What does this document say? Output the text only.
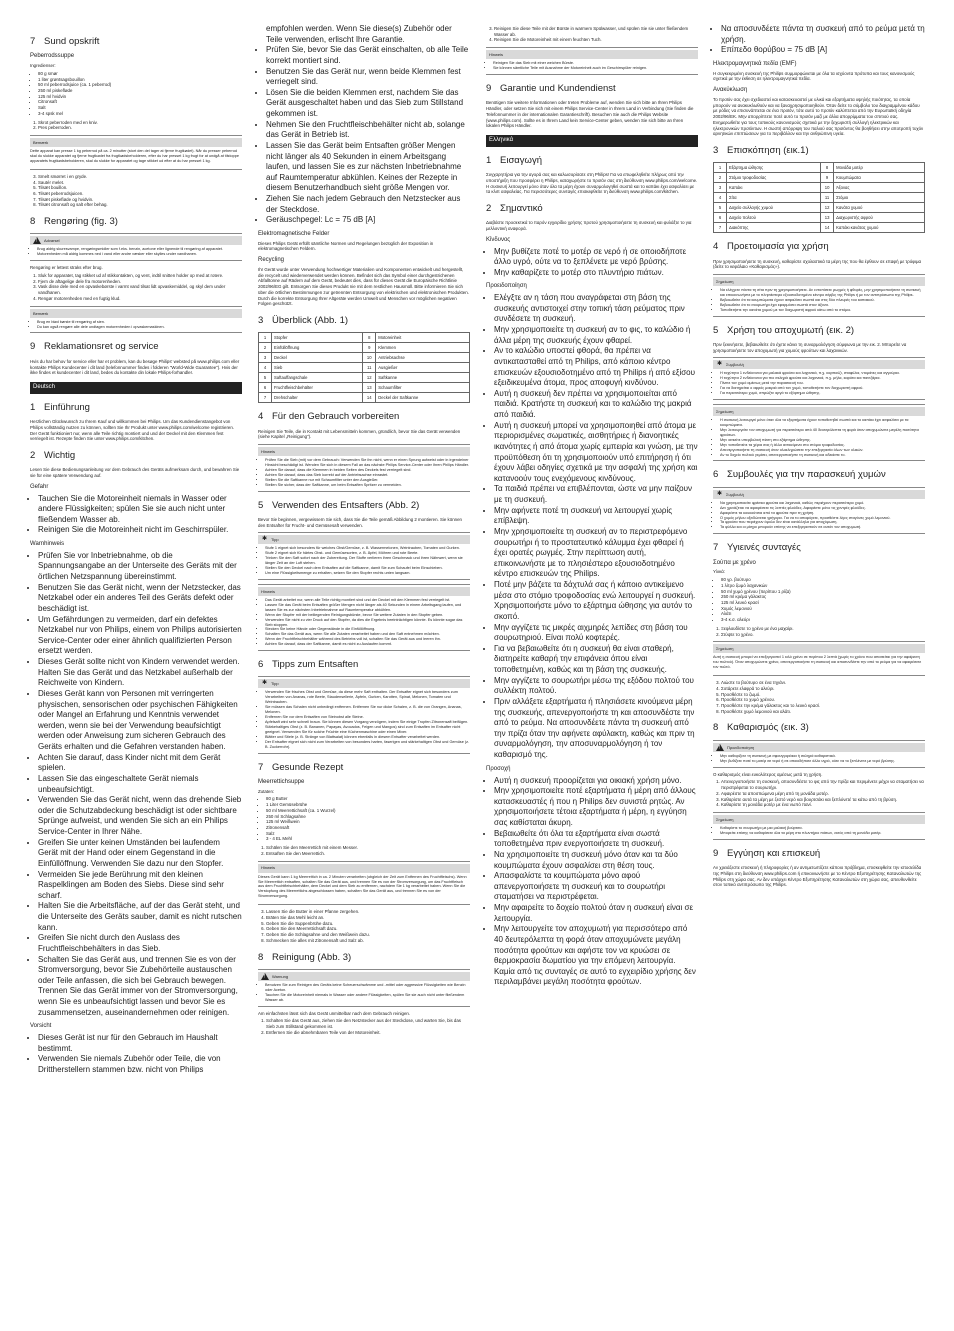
7 Sund opskrift
Peberrodssuppe

Ingredienser:

• 80 g smør
• 1 liter grøntsagsbouillon
• 50 ml peberrodsjuice (ca. 1 peberrod)
• 250 ml piskefløde
• 125 ml hvidvin
• Citronsaft
• Salt
• 3-4 spsk mel
1. Skrot peberroden med en kniv.
2. Pres peberroden.
Bemærk

Dette apparat kan presse 1 kg peberrod på ca. 2 minutter (stort den del tager at fjerne frugtkødet). Når du presser peberrod skal du slukke apparatet og fjerne frugtkødet fra frugtkødsbeholderen, efter du har presset 1 kg frugt for at undgå at tilstoppe apparatets frugtkødsbeholderen, skal du slukke for apparatet og tage stikket ud efter at du har presset 1 kg.

3. Smelt smørret i en gryde.
4. Sautér melet.
5. Tilsæt bouillon.
6. Tilsæt peberrodsjuicen.
7. Tilsæt piskefløde og hvidvin.
8. Tilsæt citronsaft og salt efter behag.
8 Rengøring (fig. 3)
!
Advarsel
• Brug aldrig skuresvampe, rengøringsmidler som f.eks. benzin, acetone eller lignende til rengøring af apparatet.
• Motorenheden må aldrig kommes ned i vand eller andre væsker eller skylles under vandhanen.

Rengøring er lettest straks efter brug.

1. Sluk for apparatet, tag stikket ud af stikkontakten, og vent, indtil snitten holder op med at rotere.
2. Fjern de aftagelige dele fra motorenheden.
3. Vask disse dele med en opvaskebørste i varmt vand tilsat lidt opvaskemiddel, og skyl dem under vandhanen.
4. Rengør motorenheden med en fugtig klud.
Bemærk
• Brug en blød børste til rengøring af sien.
• Du kan også rengøre alle dele undtagen motorenheden i opvaskemaskinen.
9 Reklamationsret og service

Hvis du har behov for service eller har et problem, kan du besøge Philips' websted på www.philips.com eller kontakte Philips Kundecenter i dit land (telefonnummer findes i folderen "World-Wide Guarantee"). Hvis der ikke findes et kundecenter i dit land, bedes du kontakte din lokale Philips-forhandler.

Deutsch
1 Einführung

Herzlichen Glückwunsch zu Ihrem Kauf und willkommen bei Philips. Um das Kundendienstangebot von Philips vollständig nutzen zu können, sollten Sie Ihr Produkt unter www.philips.com/welcome registrieren. Der Gerät funktioniert nur, wenn alle Teile richtig montiert und und der Deckel mit den Klemmen fest verriegelt ist. Rezepte finden Sie unter www.philips.com/kitchen.

2 Wichtig

Lesen Sie diese Bedienungsanleitung vor dem Gebrauch des Geräts aufmerksam durch, und bewahren Sie sie für eine spätere Verwendung auf.

Gefahr
• Tauchen Sie die Motoreinheit niemals in Wasser oder andere Flüssigkeiten; spülen Sie sie auch nicht unter fließendem Wasser ab.
• Reinigen Sie die Motoreinheit nicht im Geschirrspüler.
Warnhinweis
• Prüfen Sie vor Inbetriebnahme, ob die Spannungsangabe an der Unterseite des Geräts mit der örtlichen Netzspannung übereinstimmt.
• Benutzen Sie das Gerät nicht, wenn der Netzstecker, das Netzkabel oder ein anderes Teil des Geräts defekt oder beschädigt ist.
• Um Gefährdungen zu vermeiden, darf ein defektes Netzkabel nur von Philips, einem von Philips autorisierten Service-Center oder einer ähnlich qualifizierten Person ersetzt werden.
• Dieses Gerät sollte nicht von Kindern verwendet werden. Halten Sie das Gerät und das Netzkabel außerhalb der Reichweite von Kindern.
• Dieses Gerät kann von Personen mit verringerten physischen, sensorischen oder psychischen Fähigkeiten oder Mangel an Erfahrung und Kenntnis verwendet werden, wenn sie bei der Verwendung beaufsichtigt werden oder Anweisung zum sicheren Gebrauch des Geräts erhalten und die Gefahren verstanden haben.
• Achten Sie darauf, dass Kinder nicht mit dem Gerät spielen.
• Lassen Sie das eingeschaltete Gerät niemals unbeaufsichtigt.
• Verwenden Sie das Gerät nicht, wenn das drehende Sieb oder die Schutzabdeckung beschädigt ist oder sichtbare Sprünge aufweist, und wenden Sie sich an ein Philips Service-Center in Ihrer Nähe.
• Greifen Sie unter keinen Umständen bei laufendem Gerät mit der Hand oder einem Gegenstand in die Einfüllöffnung. Verwenden Sie dazu nur den Stopfer.
• Vermeiden Sie jede Berührung mit den kleinen Raspelklingen am Boden des Siebs. Diese sind sehr scharf.
• Halten Sie die Arbeitsfläche, auf der das Gerät steht, und die Unterseite des Geräts sauber, damit es nicht rutschen kann.
• Greifen Sie nicht durch den Auslass des Fruchtfleischbehälters in das Sieb.
• Schalten Sie das Gerät aus, und trennen Sie es von der Stromversorgung, bevor Sie Zubehörteile austauschen oder Teile anfassen, die sich bei Gebrauch bewegen. Trennen Sie das Gerät immer von der Stromversorgung, wenn Sie es unbeaufsichtigt lassen und bevor Sie es zusammensetzen, auseinandernehmen oder reinigen.
Vorsicht
• Dieses Gerät ist nur für den Gebrauch im Haushalt bestimmt.
• Verwenden Sie niemals Zubehör oder Teile, die von Drittherstellern stammen bzw. nicht von Philips
empfohlen werden. Wenn Sie diese(s) Zubehör oder Teile verwenden, erlischt Ihre Garantie.
• Prüfen Sie, bevor Sie das Gerät einschalten, ob alle Teile korrekt montiert sind.
• Benutzen Sie das Gerät nur, wenn beide Klemmen fest verriegelt sind.
• Lösen Sie die beiden Klemmen erst, nachdem Sie das Gerät ausgeschaltet haben und das Sieb zum Stillstand gekommen ist.
• Nehmen Sie den Fruchtfleischbehälter nicht ab, solange das Gerät in Betrieb ist.
• Lassen Sie das Gerät beim Entsaften größer Mengen nicht länger als 40 Sekunden in einem Arbeitsgang laufen, und lassen Sie es zur nächsten Inbetriebnahme auf Raumtemperatur abkühlen. Keines der Rezepte in diesem Benutzerhandbuch sieht größe Mengen vor.
• Ziehen Sie nach jedem Gebrauch den Netzstecker aus der Steckdose.
• Geräuschpegel: Lc = 75 dB [A]
Elektromagnetische Felder

Dieses Philips Gerät erfüllt sämtliche Normen und Regelungen bezüglich der Exposition in elektromagnetischen Feldern.

Recycling

Ihr Gerät wurde unter Verwendung hochwertiger Materialien und Komponenten entwickelt und hergestellt, die recycelt und wiederverwendet werden können. Befindet sich das Symbol einer durchgestrichenen Abfalltonne auf Rädern auf dem Gerät, bedeutet dies, dass für dieses Gerät die Europäische Richtlinie 2002/96/EG gilt. Entsorgen Sie dieses Produkt nie mit dem restlichen Hausmüll. Bitte informieren Sie sich über die örtlichen Bestimmungen zur getrennten Entsorgung von elektrischen und elektronischen Produkten. Durch die korrekte Entsorgung Ihrer Altgeräte werden Umwelt und Menschen vor möglichen negativen Folgen geschützt.

3 Überblick (Abb. 1)
1	Stopfer	8	Motoreinheit
2	Einfüllöffnung	9	Klemmen
3	Deckel	10	Antriebsachse
4	Sieb	11	Ausgießer
5	Saftauffangschale	12	Saftkanne
6	Fruchtfleischbehälter	13	Schaumfilter
7	Drehschalter	14	Deckel der Saftkanne
4 Für den Gebrauch vorbereiten

Reinigen Sie Teile, die in Kontakt mit Lebensmitteln kommen, gründlich, bevor Sie das Gerät verwenden (siehe Kapitel „Reinigung").

Hinweis
• Prüfen Sie die Sieb (mit) vor dem Gebrauch: Verwenden Sie ihn nicht, wenn er einen Sprung aufweist oder in irgendeiner Hinsicht beschädigt ist. Wenden Sie sich in diesem Fall an das nächste Philips Service-Center oder Ihren Philips Händler.
• Achten Sie darauf, dass die Klemmen in beiden Seiten des Deckels fest verriegelt sind.
• Achten Sie darauf, dass das Sieb korrekt auf der Antriebsachse einrastet.
• Stellen Sie die Saftkanne nur mit Schaumfilter unter den Ausgießer.
• Stellen Sie sicher, dass der Saftkanne, um beim Entsaften Spritzer zu vermeiden.
5 Verwenden des Entsafters (Abb. 2)

Bevor Sie beginnen, vergewissern Sie sich, dass Sie die Teile gemäß Abbildung 2 montieren. Sie können den Entsafter für Frucht- und Gemüsesaft verwenden.

✱ Tipp
• Stufe 1 eignet sich besonders für weiches Obst/Gemüse, z. B. Wassermelonen, Weintrauben, Tomaten und Gurken.
• Stufe 2 eignet sich für härtes Obst- und Gemüsesorten, z. B. Äpfel, Möhren und rote Beete.
• Trinken Sie den Saft sofort nach der Zubereitung. Der Stoffe verlieren ihren Geschmack und ihren Nährwert, wenn sie länger Zeit an der Luft stehen.
• Stellen Sie den Deckel nach dem Entsaften auf die Saftkanne, damit Sie zum Schaufel beim Einschieben.
• Um eine Flüssigkeitsmenge zu erhalten, setzen Sie den Stopfer rechts unten langsam.
Hinweis
• Das Gerät arbeitet nur, wenn alle Teile richtig montiert sind und der Deckel mit den Klemmen fest verriegelt ist.
• Lassen Sie das Gerät beim Entsaften größer Mengen nicht länger als 40 Sekunden in einem Arbeitsgang laufen, und lassen Sie es zur nächsten Inbetriebnahme auf Raumtemperatur abkühlen.
• Wenn der Stopfer mit der beiliegenden Reinigungsbürste, bevor Sie weitere Zutaten in den Stopfer geben.
• Verwenden Sie nicht zu vier Druck auf den Stopfer, da dies die Ergebnis beeinträchtigen könnte. Es könnte sogar das Sieb stoppen.
• Stecken Sie keine Hände oder Gegenstände in die Einfüllöffnung.
• Schalten Sie das Gerät aus, wenn Sie alle Zutaten verarbeitet haben und den Saft entnehmen möchten.
• Wenn der Fruchtfleischbehälter während des Betriebs voll ist, schalten Sie das Gerät aus und leeren ihn.
• Achten Sie darauf, dass der Saftkanne, damit es nicht zu Auslaufen kommt.
6 Tipps zum Entsaften
✱ Tipp
• Verwenden Sie frisches Obst und Gemüse, da diese mehr Saft enthalten. Der Entsafter eignet sich besonders zum Verarbeiten von Ananas, rote Beete, Staudensellerie, Äpfeln, Gurken, Karotten, Spinat, Melonen, Tomaten und Weintrauben.
• Sie müssen das Schalen nicht unbedingt entfernen. Entfernen Sie nur dicke Schalen, z. B. die von Orangen, Ananas, Melonen.
• Entfernen Sie vor dem Entsaften von Steinobst alle Steine.
• Apfelsaft wird sehr schnell braun. Sie können diesen Vorgang verzögern, indem Sie einige Tropfen Zitronensaft beifügen.
• Stärkehaltiges Obst (z. B. Bananen, Papayas, Avocados, Feigen und Mangos) sind zum Entsaften im Entsafter nicht geeignet. Verwenden Sie für solche Früchte eine Küchenmaschine oder einen Mixer.
• Blätter und Stiele (z. B. Stränge von Blattsalat) können ebenfalls in diesem Entsafter verarbeitet werden.
• Der Entsafter eignet sich nicht zum Verarbeiten von besonders harten, faserigen und stärkehaltigen Obst und Gemüse (z. B. Zuckerrohr).
7 Gesunde Rezept
Meerrettichsuppe

Zutaten:

• 80 g Butter
• 1 Liter Gemüsebrühe
• 50 ml Meerrettichsaft (ca. 1 Wurzel)
• 250 ml Schlagsahne
• 125 ml Weißwein
• Zitronensaft
• Salz
• 3 - 4 EL Mehl
1. Schälen Sie den Meerrettich mit einem Messer.
2. Entsaften Sie den Meerrettich.
Hinweis

Dieses Gerät kann 1 kg Meerrettich in ca. 2 Minuten verarbeiten (obgleich der Zeit zum Entfernen des Fruchtfleischs). Wenn Sie Meerrettich entsaften, schalten Sie das Gerät aus, und trennen Sie es von der Stromversorgung, um das Fruchtfleisch aus dem Fruchtfleischbehälter, dem Deckel und dem Sieb zu entfernen, nachdem Sie 1 kg verarbeitet haben. Wenn Sie die Verstopfung des Meerrettichs abgeschlossen haben, schalten Sie das Gerät aus, und trennen Sie es von der Stromversorgung.

3. Lassen Sie die Butter in einer Pfanne zergehen.
4. Bräten Sie das Mehl leicht an.
5. Geben Sie die Suppenbrühe dazu.
6. Geben Sie den Meerrettichsaft dazu.
7. Geben Sie die Schlagsahne und den Weißwein dazu.
8. Schmecken Sie alles mit Zitronensaft und Salz ab.
8 Reinigung (Abb. 3)
!
Warnung
• Benutzen Sie zum Reinigen des Geräts keine Scheuerschwämme und -mittel oder aggressive Flüssigkeiten wie Benzin oder Aceton.
• Tauchen Sie die Motoreinheit niemals in Wasser oder andere Flüssigkeiten, spülen Sie sie auch nicht unter fließendem Wasser ab.

Am einfachsten lässt sich das Gerät unmittelbar nach dem Gebrauch reinigen.

1. Schalten Sie das Gerät aus, ziehen Sie den Netzstecker aus der Steckdose, und warten Sie, bis das Sieb zum Stillstand gekommen ist.
2. Entfernen Sie die abnehmbaren Teile von der Motoreinheit.
3. Reinigen Sie diese Teile mit der Bürste in warmem Spülwasser, und spülen Sie sie unter fließendem Wasser ab.
4. Reinigen Sie die Motoreinheit mit einem feuchten Tuch.
Hinweis
• Reinigen Sie das Sieb mit einer weichen Bürste.
• Sie können sämtliche Teile mit Ausnahme der Motoreinheit auch im Geschirrspüler reinigen.
9 Garantie und Kundendienst

Benötigen Sie weitere Informationen oder treten Probleme auf, wenden Sie sich bitte an Ihren Philips Händler, oder setzen Sie sich mit einem Philips Service-Center in Ihrem Land in Verbindung (Sie finden die Telefonnummer in der internationalen Garantieschrift). Besuchen Sie auch die Philips Website (www.philips.com). Sollte es in Ihrem Land kein Service-Center geben, wenden Sie sich bitte an Ihren lokalen Philips Händler.

Ελληνικά
1 Εισαγωγή

Συγχαρητήρια για την αγορά σας και καλωσορίσατε στη Philips! Για να επωφεληθείτε πλήρως από την υποστήριξη που προσφέρει η Philips, καταχωρήστε το προϊόν σας στη διεύθυνση www.philips.com/welcome. Η συσκευή λειτουργεί μόνο όταν όλα τα μέρη έχουν συναρμολογηθεί σωστά και το καπάκι έχει ασφαλίσει με τα κλιπ ασφαλείας. Για περισσότερες συνταγές επισκεφθείτε τη διεύθυνση www.philips.com/kitchen.

2 Σημαντικό

Διαβάστε προσεκτικά το παρόν εγχειρίδιο χρήσης προτού χρησιμοποιήσετε τη συσκευή και φυλάξτε το για μελλοντική αναφορά.

Κίνδυνος
• Μην βυθίζετε ποτέ το μοτέρ σε νερό ή σε οποιοδήποτε άλλο υγρό, ούτε να το ξεπλένετε με νερό βρύσης.
• Μην καθαρίζετε το μοτέρ στο πλυντήριο πιάτων.
Προειδοποίηση
• Ελέγξτε αν η τάση που αναγράφεται στη βάση της συσκευής αντιστοιχεί στην τοπική τάση ρεύματος πριν συνδέσετε τη συσκευή.
• Μην χρησιμοποιείτε τη συσκευή αν το φις, το καλώδιο ή άλλα μέρη της συσκευής έχουν φθαρεί.
• Αν το καλώδιο υποστεί φθορά, θα πρέπει να αντικατασταθεί από τη Philips, από κάποιο κέντρο επισκευών εξουσιοδοτημένο από τη Philips ή από εξίσου εξειδικευμένα άτομα, προς αποφυγή κινδύνου.
• Αυτή η συσκευή δεν πρέπει να χρησιμοποιείται από παιδιά. Κρατήστε τη συσκευή και το καλώδιο της μακριά από παιδιά.
• Αυτή η συσκευή μπορεί να χρησιμοποιηθεί από άτομα με περιορισμένες σωματικές, αισθητήριες ή διανοητικές ικανότητες ή από άτομα χωρίς εμπειρία και γνώση, με την προϋπόθεση ότι τη χρησιμοποιούν υπό επιτήρηση ή ότι έχουν λάβει οδηγίες σχετικά με την ασφαλή της χρήση και κατανοούν τους ενεχόμενους κινδύνους.
• Τα παιδιά πρέπει να επιβλέπονται, ώστε να μην παίζουν με τη συσκευή.
• Μην αφήνετε ποτέ τη συσκευή να λειτουργεί χωρίς επίβλεψη.
• Μην χρησιμοποιείτε τη συσκευή αν το περιστρεφόμενο σουρωτήρι ή το προστατευτικό κάλυμμα έχει φθαρεί ή έχει ορατές ρωγμές. Στην περίπτωση αυτή, επικοινωνήστε με το πλησιέστερο εξουσιοδοτημένο κέντρο επισκευών της Philips.
• Ποτέ μην βάζετε τα δάχτυλά σας ή κάποιο αντικείμενο μέσα στο στόμιο τροφοδοσίας ενώ λειτουργεί η συσκευή. Χρησιμοποιήστε μόνο το εξάρτημα ώθησης για αυτόν το σκοπό.
• Μην αγγίζετε τις μικρές αιχμηρές λεπίδες στη βάση του σουρωτηριού. Είναι πολύ κοφτερές.
• Για να βεβαιωθείτε ότι η συσκευή θα είναι σταθερή, διατηρείτε καθαρή την επιφάνεια όπου είναι τοποθετημένη, καθώς και τη βάση της συσκευής.
• Μην αγγίζετε το σουρωτήρι μέσω της εξόδου πολτού του συλλέκτη πολτού.
• Πριν αλλάξετε εξαρτήματα ή πλησιάσετε κινούμενα μέρη της συσκευής, απενεργοποιήστε τη και αποσυνδέστε την από το ρεύμα. Να αποσυνδέετε πάντα τη συσκευή από την πρίζα όταν την αφήνετε αφύλακτη, καθώς και πριν τη συναρμολόγηση, την αποσυναρμολόγηση ή τον καθαρισμό της.
Προσοχή
• Αυτή η συσκευή προορίζεται για οικιακή χρήση μόνο.
• Μην χρησιμοποιείτε ποτέ εξαρτήματα ή μέρη από άλλους κατασκευαστές ή που η Philips δεν συνιστά ρητώς. Αν χρησιμοποιήσετε τέτοια εξαρτήματα ή μέρη, η εγγύηση σας καθίσταται άκυρη.
• Βεβαιωθείτε ότι όλα τα εξαρτήματα είναι σωστά τοποθετημένα πριν ενεργοποιήσετε τη συσκευή.
• Να χρησιμοποιείτε τη συσκευή μόνο όταν και τα δύο κουμπώματα έχουν ασφαλίσει στη θέση τους.
• Απασφαλίστε τα κουμπώματα μόνο αφού απενεργοποιήσετε τη συσκευή και το σουρωτήρι σταματήσει να περιστρέφεται.
• Μην αφαιρείτε το δοχείο πολτού όταν η συσκευή είναι σε λειτουργία.
• Μην λειτουργείτε τον αποχυμωτή για περισσότερο από 40 δευτερόλεπτα τη φορά όταν αποχυμώνετε μεγάλη ποσότητα φρούτων και αφήστε τον να κρυώσει σε θερμοκρασία δωματίου για την επόμενη λειτουργία. Καμία από τις συνταγές σε αυτό το εγχειρίδιο χρήσης δεν περιλαμβάνει μεγάλη ποσότητα φρούτων.
• Να αποσυνδέετε πάντα τη συσκευή από το ρεύμα μετά τη χρήση.
• Επίπεδο θορύβου = 75 dB [A]
Ηλεκτρομαγνητικά πεδία (EMF)

Η συγκεκριμένη συσκευή της Philips συμμορφώνεται με όλα τα ισχύοντα πρότυπα και τους κανονισμούς σχετικά με την έκθεση σε ηλεκτρομαγνητικά πεδία.

Ανακύκλωση

Το προϊόν σας έχει σχεδιαστεί και κατασκευαστεί με υλικά και εξαρτήματα υψηλής ποιότητας, τα οποία μπορούν να ανακυκλωθούν και να ξαναχρησιμοποιηθούν. Όταν δείτε το σύμβολο του διαγραμμένου κάδου με ρόδες να επισυνάπτεται σε ένα προϊόν, τότε αυτό το προϊόν καλύπτεται από την Ευρωπαϊκή οδηγία 2002/96/ΕΚ. Μην απορρίπτετε ποτέ αυτό το προϊόν μαζί με άλλα απορρίμματα του σπιτιού σας. Ενημερωθείτε για τους τοπικούς κανονισμούς σχετικά με την ξεχωριστή συλλογή ηλεκτρικών και ηλεκτρονικών προϊόντων. Η σωστή απόρριψη του παλιού σας προϊόντος θα βοηθήσει στην αποτροπή τυχόν αρνητικών επιπτώσεων για το περιβάλλον και την ανθρώπινη υγεία.

3 Επισκόπηση (εικ.1)
1	Εξάρτημα ώθησης	8	Μονάδα μοτέρ
2	Στόμιο τροφοδοσίας	9	Κουμπώματα
3	Καπάκι	10	Άξονας
4	Σίτα	11	Στόμιο
5	Δοχείο συλλογής χυμού	12	Κανάτα χυμού
6	Δοχείο πολτού	13	Διαχωριστής αφρού
7	Διακόπτης	14	Καπάκι κανάτας χυμού
4 Προετοιμασία για χρήση

Πριν χρησιμοποιήσετε τη συσκευή, καθαρίστε σχολαστικά τα μέρη της που θα έρθουν σε επαφή με τρόφιμα (δείτε το κεφάλαιο «Καθαρισμός»).

Σημείωση
• Να ελέγχετε πάντα τη σίτα πριν τη χρησιμοποιήσετε. Αν εντοπίσετε ρωγμές ή φθορές, μην χρησιμοποιήσετε τη συσκευή και επικοινωνήστε με το πλησιέστερο εξουσιοδοτημένο κέντρο σέρβις της Philips ή με τον αντιπρόσωπο της Philips.
• Βεβαιωθείτε ότι τα κουμπώματα έχουν ασφαλίσει σωστά και στις δύο πλευρές του καπακιού.
• Βεβαιωθείτε ότι το σουρωτήρι έχει εφαρμόσει σωστά στον άξονα.
• Τοποθετήστε την κανάτα χυμού με τον διαχωριστή αφρού κάτω από το στόμιο.
5 Χρήση του αποχυμωτή (εικ. 2)

Πριν ξεκινήσετε, βεβαιωθείτε ότι έχετε κάνει τη συναρμολόγηση σύμφωνα με την εικ. 2. Μπορείτε να χρησιμοποιήσετε τον αποχυμωτή για χυμούς φρούτων και λαχανικών.

✱ Συμβουλή
• Η ταχύτητα 1 ενδείκνυται για μαλακά φρούτα και λαχανικά, π.χ. καρπούζι, σταφύλια, ντομάτες και αγγούρια.
• Η ταχύτητα 2 ενδείκνυται για πιο σκληρά φρούτα και λαχανικά, π.χ. μήλα, καρότα και παντζάρια.
• Πίνετε τον χυμό αμέσως μετά την παρασκευή του.
• Για να διατηρείται ο αφρός μακριά από τον χυμό, τοποθετήστε τον διαχωριστή αφρού.
• Για περισσότερο χυμό, σπρώξτε αργά το εξάρτημα ώθησης.
Σημείωση
• Η συσκευή λειτουργεί μόνο όταν όλα τα εξαρτήματα έχουν τοποθετηθεί σωστά και το καπάκι έχει ασφαλίσει με τα κουμπώματα.
• Μην λειτουργείτε τον αποχυμωτή για περισσότερο από 40 δευτερόλεπτα τη φορά όταν αποχυμώνετε μεγάλη ποσότητα φρούτων.
• Μην ασκείτε υπερβολική πίεση στο εξάρτημα ώθησης.
• Μην τοποθετείτε τα χέρια σας ή άλλα αντικείμενα στο στόμιο τροφοδοσίας.
• Απενεργοποιήστε τη συσκευή όταν ολοκληρώσετε την επεξεργασία όλων των υλικών.
• Αν το δοχείο πολτού γεμίσει, απενεργοποιήστε τη συσκευή και αδειάστε το.
6 Συμβουλές για την παρασκευή χυμών
✱ Συμβουλή
• Να χρησιμοποιείτε φρέσκα φρούτα και λαχανικά, καθώς περιέχουν περισσότερο χυμό.
• Δεν χρειάζεται να αφαιρέσετε τις λεπτές φλούδες. Αφαιρέστε μόνο τις χοντρές φλούδες.
• Αφαιρέστε τα κουκούτσια από τα φρούτα πριν τη χρήση.
• Ο χυμός μήλου οξειδώνεται γρήγορα. Για να το αποφύγετε, προσθέστε λίγες σταγόνες χυμό λεμονιού.
• Τα φρούτα που περιέχουν άμυλο δεν είναι κατάλληλα για αποχύμωση.
• Τα φύλλα και οι μίσχοι μπορούν επίσης να επεξεργαστούν σε αυτόν τον αποχυμωτή.
7 Υγιεινές συνταγές
Σούπα με χρένο

Υλικά:

• 80 γρ. βούτυρο
• 1 λίτρο ζωμό λαχανικών
• 50 ml χυμό χρένου (περίπου 1 ρίζα)
• 250 ml κρέμα γάλακτος
• 125 ml λευκό κρασί
• Χυμός λεμονιού
• Αλάτι
• 3-4 κ.σ. αλεύρι
1. Ξεφλουδίστε το χρένο με ένα μαχαίρι.
2. Στύψτε το χρένο.
Σημείωση

Αυτή η συσκευή μπορεί να επεξεργαστεί 1 κιλό χρένο σε περίπου 2 λεπτά (χωρίς το χρόνο που απαιτείται για την αφαίρεση του πολτού). Όταν αποχυμώνετε χρένο, απενεργοποιήστε τη συσκευή και αποσυνδέστε την από το ρεύμα για να αφαιρέσετε τον πολτό.

3. Λιώστε το βούτυρο σε ένα τηγάνι.
4. Σοτάρετε ελαφρά το αλεύρι.
5. Προσθέστε το ζωμό.
6. Προσθέστε το χυμό χρένου.
7. Προσθέστε την κρέμα γάλακτος και το λευκό κρασί.
8. Προσθέστε χυμό λεμονιού και αλάτι.
8 Καθαρισμός (εικ. 3)
!
Προειδοποίηση
• Μην καθαρίζετε τη συσκευή με σφουγγαράκια ή σκληρά καθαριστικά.
• Μην βυθίζετε ποτέ το μοτέρ σε νερό ή σε οποιοδήποτε άλλο υγρό, ούτε να το ξεπλένετε με νερό βρύσης.

Ο καθαρισμός είναι ευκολότερος αμέσως μετά τη χρήση.

1. Απενεργοποιήστε τη συσκευή, αποσυνδέστε το φις από την πρίζα και περιμένετε μέχρι να σταματήσει να περιστρέφεται το σουρωτήρι.
2. Αφαιρέστε τα αποσπώμενα μέρη από τη μονάδα μοτέρ.
3. Καθαρίστε αυτά τα μέρη με ζεστό νερό και βουρτσάκι και ξεπλύνετέ τα κάτω από τη βρύση.
4. Καθαρίστε τη μονάδα μοτέρ με ένα νωπό πανί.
Σημείωση
• Καθαρίστε το σουρωτήρι με μια μαλακή βούρτσα.
• Μπορείτε επίσης να καθαρίσετε όλα τα μέρη στο πλυντήριο πιάτων, εκτός από τη μονάδα μοτέρ.
9 Εγγύηση και επισκευή

Αν χρειάζεστε επισκευή ή πληροφορίες ή αν αντιμετωπίζετε κάποιο πρόβλημα, επισκεφθείτε την ιστοσελίδα της Philips στη διεύθυνση www.philips.com ή επικοινωνήστε με το Κέντρο Εξυπηρέτησης Καταναλωτών της Philips στη χώρα σας. Αν δεν υπάρχει Κέντρο Εξυπηρέτησης Καταναλωτών στη χώρα σας, απευθυνθείτε στον τοπικό αντιπρόσωπο της Philips.
